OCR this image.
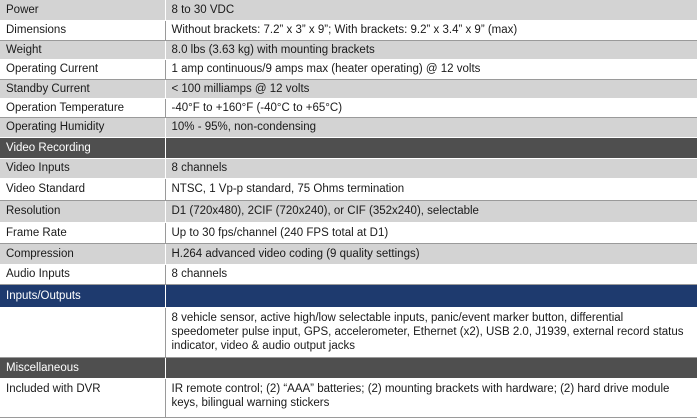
Power	8 to 30 VDC
Dimensions	Without brackets: 7.2” x 3” x 9”; With brackets: 9.2” x 3.4” x 9” (max)
Weight	8.0 lbs (3.63 kg) with mounting brackets
Operating Current	1 amp continuous/9 amps max (heater operating) @ 12 volts
Standby Current	< 100 milliamps @ 12 volts
Operation Temperature	-40°F to +160°F (-40°C to +65°C)
Operating Humidity	10% - 95%, non-condensing
Video Recording	
Video Inputs	8 channels
Video Standard	NTSC, 1 Vp-p standard, 75 Ohms termination
Resolution	D1 (720x480), 2CIF (720x240), or CIF (352x240), selectable
Frame Rate	Up to 30 fps/channel (240 FPS total at D1)
Compression	H.264 advanced video coding (9 quality settings)
Audio Inputs	8 channels
Inputs/Outputs	
	8 vehicle sensor, active high/low selectable inputs, panic/event marker button, differential speedometer pulse input, GPS, accelerometer, Ethernet (x2), USB 2.0, J1939, external record status indicator, video & audio output jacks
Miscellaneous	
Included with DVR	IR remote control; (2) “AAA” batteries; (2) mounting brackets with hardware; (2) hard drive module keys, bilingual warning stickers
